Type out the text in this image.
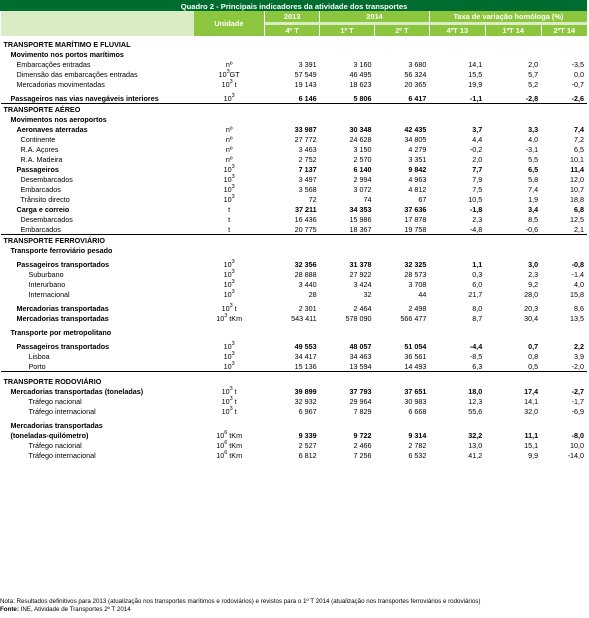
Quadro 2 - Principais indicadores da atividade dos transportes							
	Unidade	2013	2014		Taxa de variação homóloga (%)		

		4º T	1º T	2º T	4ºT 13	1ºT 14	2ºT 14

TRANSPORTE MARÍTIMO E FLUVIAL							
Movimento nos portos marítimos							
Embarcações entradas	nº	3 391	3 160	3 680	14,1	2,0	-3,5
Dimensão das embarcações entradas	$10^3GT$	57 549	46 495	56 324	15,5	5,7	0,0
Mercadorias movimentadas	$10^3$ t	19 143	18 623	20 365	19,9	5,2	-0,7
Passageiros nas vias navegáveis interiores	$10^3$	6 146	5 806	6 417	-1,1	-2,8	-2,6
TRANSPORTE AÉREO							
Movimentos nos aeroportos							
Aeronaves aterradas	nº	33 987	30 348	42 435	3,7	3,3	7,4
Continente	nº	27 772	24 628	34 805	4,4	4,0	7,2
R.A. Açores	nº	3 463	3 150	4 279	-0,2	-3,1	6,5
R.A. Madeira	nº	2 752	2 570	3 351	2,0	5,5	10,1
Passageiros	$10^3$	7 137	6 140	9 842	7,7	6,5	11,4
Desembarcados	$10^3$	3 497	2 994	4 963	7,9	5,8	12,0
Embarcados	$10^3$	3 568	3 072	4 812	7,5	7,4	10,7
Trânsito directo	$10^3$	72	74	67	10,5	1,9	18,8
Carga e correio	t	37 211	34 353	37 636	-1,8	3,4	6,8
Desembarcados	t	16 436	15 986	17 878	2,3	8,5	12,5
Embarcados	t	20 775	18 367	19 758	-4,8	-0,6	2,1
TRANSPORTE FERROVIÁRIO							
Transporte ferroviário pesado							
Passageiros transportados	$10^3$	32 356	31 378	32 325	1,1	3,0	-0,8
Suburbano	$10^3$	28 888	27 922	28 573	0,3	2,3	-1,4
Interurbano	$10^3$	3 440	3 424	3 708	6,0	9,2	4,0
Internacional	$10^3$	28	32	44	21,7	28,0	15,8
Mercadorias transportadas	$10^3$ t	2 301	2 464	2 498	8,0	20,3	8,6
Mercadorias transportadas	$10^3$ tKm	543 411	578 090	566 477	8,7	30,4	13,5
Transporte por metropolitano							
Passageiros transportados	$10^3$	49 553	48 057	51 054	-4,4	0,7	2,2
Lisboa	$10^3$	34 417	34 463	36 561	-8,5	0,8	3,9
Porto	$10^3$	15 136	13 594	14 493	6,3	0,5	-2,0
TRANSPORTE RODOVIÁRIO							
Mercadorias transportadas (toneladas)	$10^3$ t	39 899	37 793	37 651	18,0	17,4	-2,7
Tráfego nacional	$10^3$ t	32 932	29 964	30 983	12,3	14,1	-1,7
Tráfego internacional	$10^3$ t	6 967	7 829	6 668	55,6	32,0	-6,9
Mercadorias transportadas							
(toneladas-quilómetro)	$10^6$ tKm	9 339	9 722	9 314	32,2	11,1	-8,0
Tráfego nacional	$10^6$ tKm	2 527	2 466	2 782	13,0	15,1	10,0
Tráfego internacional	$10^6$ tKm	6 812	7 256	6 532	41,2	9,9	-14,0
Nota: Resultados definitivos para 2013 (atualização nos transportes marítimos e rodoviários) e revistos para o 1º T 2014 (atualização nos transportes ferroviários e rodoviários)
Fonte: INE, Atividade de Transportes 2º T 2014
